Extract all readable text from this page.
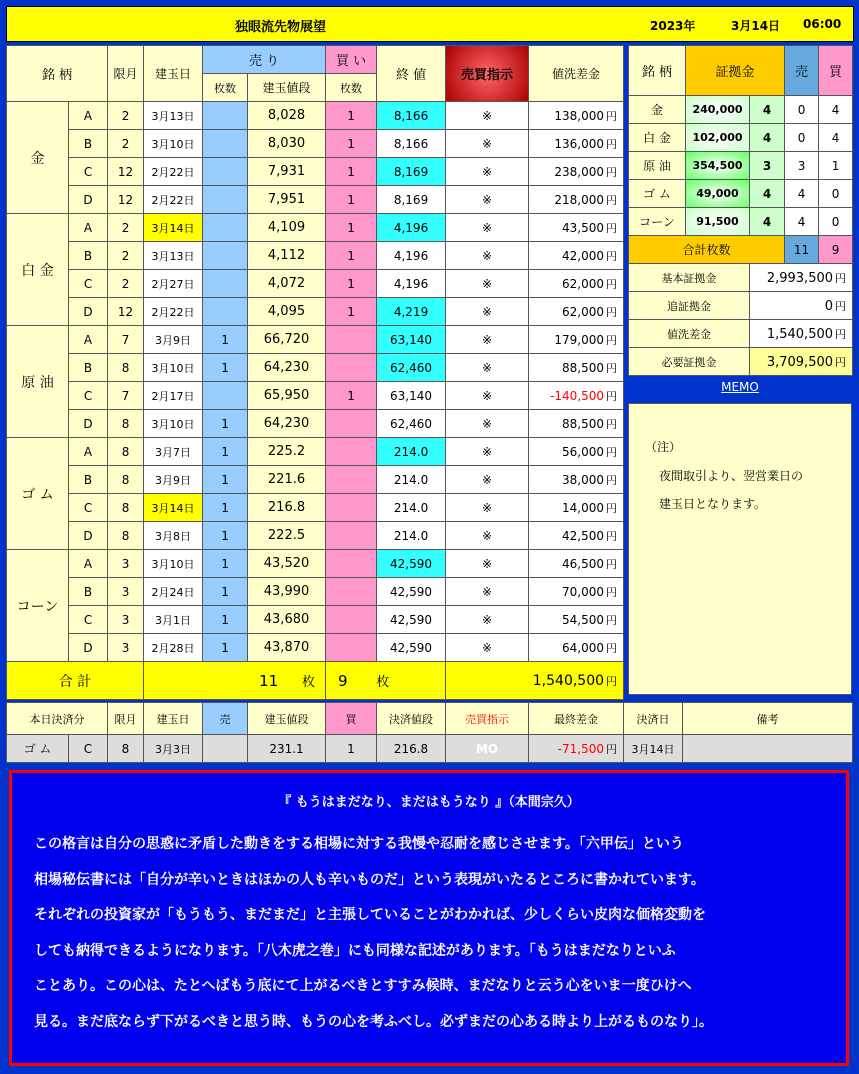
独眼流先物展望	2023年	3月14日 06:00
銘 柄		限月	建玉日	売 り		買 い	終 値	売買指示	値洗差金
				枚数	建玉値段	枚数			
金	A	2	3月13日		8,028	1	8,166	※	138,000 円
	B	2	3月10日		8,030	1	8,166	※	136,000 円
	C	12	2月22日		7,931	1	8,169	※	238,000 円
	D	12	2月22日		7,951	1	8,169	※	218,000 円
白 金	A	2	3月14日		4,109	1	4,196	※	43,500 円
	B	2	3月13日		4,112	1	4,196	※	42,000 円
	C	2	2月27日		4,072	1	4,196	※	62,000 円
	D	12	2月22日		4,095	1	4,219	※	62,000 円
原 油	A	7	3月9日	1	66,720		63,140	※	179,000 円
	B	8	3月10日	1	64,230		62,460	※	88,500 円
	C	7	2月17日		65,950	1	63,140	※	-140,500 円
	D	8	3月10日	1	64,230		62,460	※	88,500 円
ゴ ム	A	8	3月7日	1	225.2		214.0	※	56,000 円
	B	8	3月9日	1	221.6		214.0	※	38,000 円
	C	8	3月14日	1	216.8		214.0	※	14,000 円
	D	8	3月8日	1	222.5		214.0	※	42,500 円
コーン	A	3	3月10日	1	43,520		42,590	※	46,500 円
	B	3	2月24日	1	43,990		42,590	※	70,000 円
	C	3	3月1日	1	43,680		42,590	※	54,500 円
	D	3	2月28日	1	43,870		42,590	※	64,000 円
合 計			11 枚			9 枚		1,540,500 円	
銘 柄	証拠金		売	買
金	240,000	4	0	4
白 金	102,000	4	0	4
原 油	354,500	3	3	1
ゴ ム	49,000	4	4	0
コーン	91,500	4	4	0
合計枚数			11	9
基本証拠金		2,993,500 円		
追証拠金		0 円		
値洗差金		1,540,500 円		
必要証拠金		3,709,500 円		
MEMO
（注）
夜間取引より、翌営業日の
建玉日となります。
本日決済分		限月	建玉日	売	建玉値段	買	決済値段	売買指示	最終差金	決済日	備考
ゴ ム	C	8	3月3日		231.1	1	216.8	MO	-71,500 円	3月14日	
『 もうはまだなり、まだはもうなり 』（本間宗久）
この格言は自分の思惑に矛盾した動きをする相場に対する我慢や忍耐を感じさせます。「六甲伝」という
相場秘伝書には「自分が辛いときはほかの人も辛いものだ」という表現がいたるところに書かれています。
それぞれの投資家が「もうもう、まだまだ」と主張していることがわかれば、少しくらい皮肉な価格変動を
しても納得できるようになります。「八木虎之巻」にも同様な記述があります。「もうはまだなりといふ
ことあり。この心は、たとへばもう底にて上がるべきとすすみ候時、まだなりと云う心をいま一度ひけへ
見る。まだ底ならず下がるべきと思う時、もうの心を考ふべし。必ずまだの心ある時より上がるものなり」。
